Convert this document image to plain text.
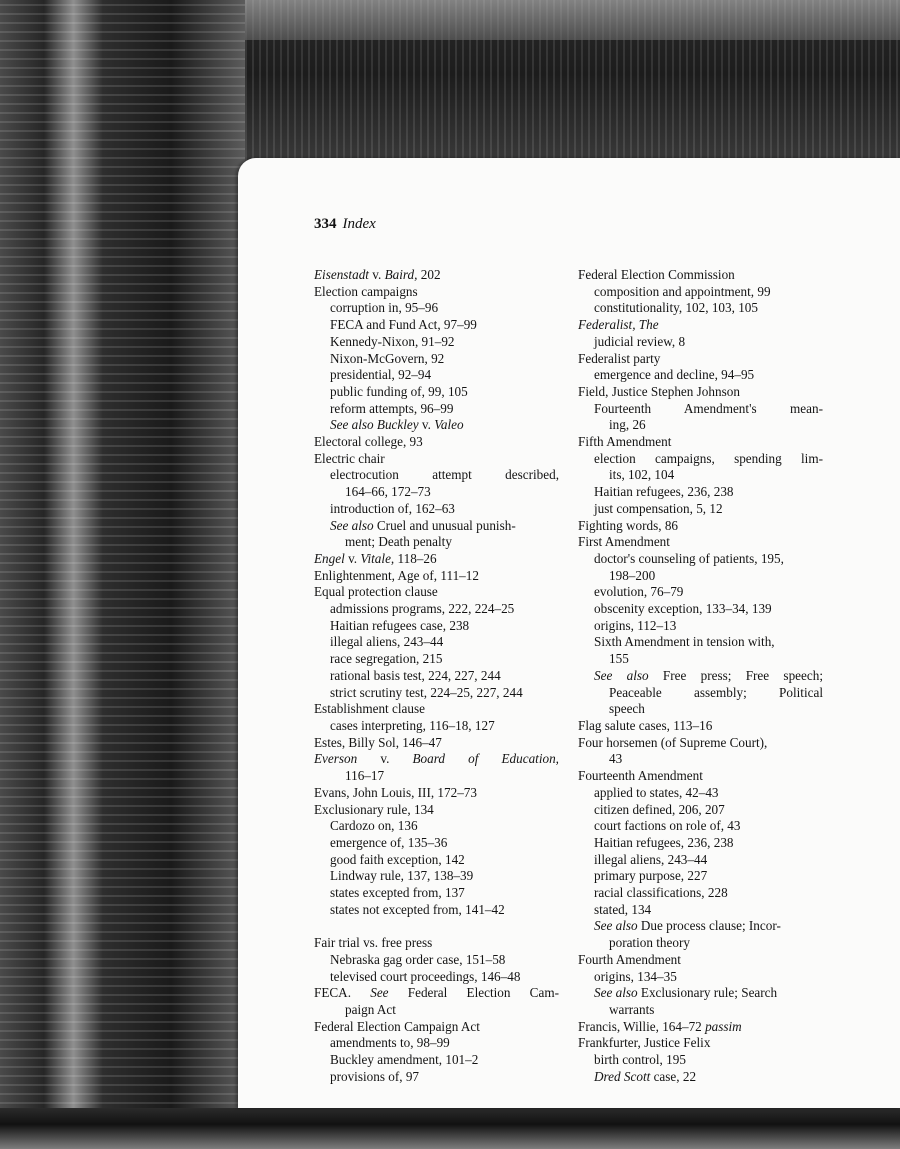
334 Index
Eisenstadt v. Baird, 202
Election campaigns
corruption in, 95–96
FECA and Fund Act, 97–99
Kennedy-Nixon, 91–92
Nixon-McGovern, 92
presidential, 92–94
public funding of, 99, 105
reform attempts, 96–99
See also Buckley v. Valeo
Electoral college, 93
Electric chair
electrocution attempt described,
164–66, 172–73
introduction of, 162–63
See also Cruel and unusual punish-
ment; Death penalty
Engel v. Vitale, 118–26
Enlightenment, Age of, 111–12
Equal protection clause
admissions programs, 222, 224–25
Haitian refugees case, 238
illegal aliens, 243–44
race segregation, 215
rational basis test, 224, 227, 244
strict scrutiny test, 224–25, 227, 244
Establishment clause
cases interpreting, 116–18, 127
Estes, Billy Sol, 146–47
Everson v. Board of Education,
116–17
Evans, John Louis, III, 172–73
Exclusionary rule, 134
Cardozo on, 136
emergence of, 135–36
good faith exception, 142
Lindway rule, 137, 138–39
states excepted from, 137
states not excepted from, 141–42
Fair trial vs. free press
Nebraska gag order case, 151–58
televised court proceedings, 146–48
FECA. See Federal Election Cam-
paign Act
Federal Election Campaign Act
amendments to, 98–99
Buckley amendment, 101–2
provisions of, 97
Federal Election Commission
composition and appointment, 99
constitutionality, 102, 103, 105
Federalist, The
judicial review, 8
Federalist party
emergence and decline, 94–95
Field, Justice Stephen Johnson
Fourteenth Amendment's mean-
ing, 26
Fifth Amendment
election campaigns, spending lim-
its, 102, 104
Haitian refugees, 236, 238
just compensation, 5, 12
Fighting words, 86
First Amendment
doctor's counseling of patients, 195,
198–200
evolution, 76–79
obscenity exception, 133–34, 139
origins, 112–13
Sixth Amendment in tension with,
155
See also Free press; Free speech;
Peaceable assembly; Political
speech
Flag salute cases, 113–16
Four horsemen (of Supreme Court),
43
Fourteenth Amendment
applied to states, 42–43
citizen defined, 206, 207
court factions on role of, 43
Haitian refugees, 236, 238
illegal aliens, 243–44
primary purpose, 227
racial classifications, 228
stated, 134
See also Due process clause; Incor-
poration theory
Fourth Amendment
origins, 134–35
See also Exclusionary rule; Search
warrants
Francis, Willie, 164–72 passim
Frankfurter, Justice Felix
birth control, 195
Dred Scott case, 22
